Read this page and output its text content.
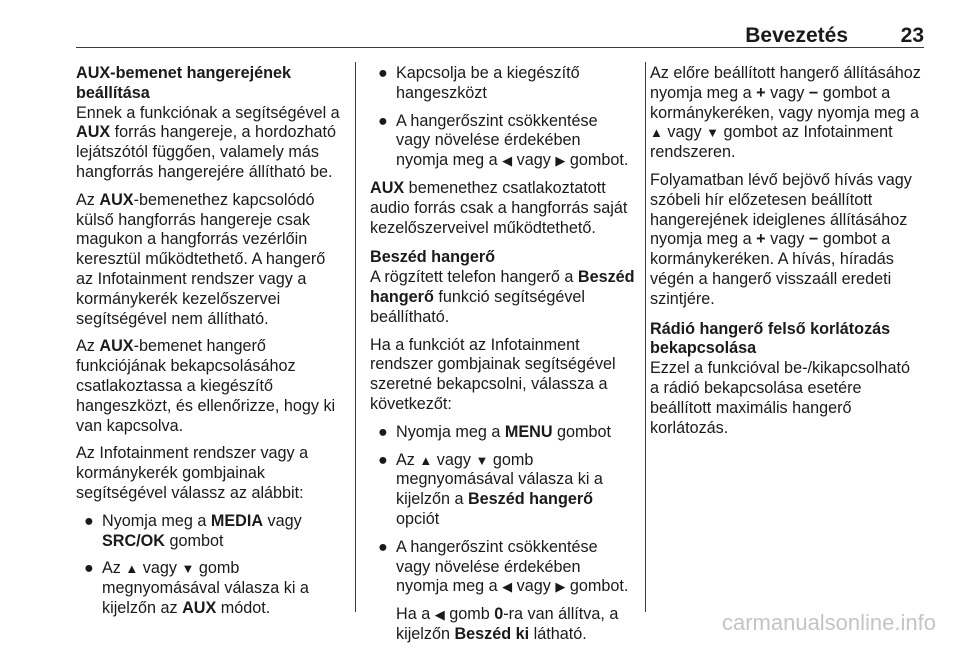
Bevezetés	23
AUX-bemenet hangerejének
beállítása
Ennek a funkciónak a segítségével a
AUX forrás hangereje, a hordozható
lejátszótól függően, valamely más
hangforrás hangerejére állítható be.
Az AUX-bemenethez kapcsolódó
külső hangforrás hangereje csak
magukon a hangforrás vezérlőin
keresztül működtethető. A hangerő
az Infotainment rendszer vagy a
kormánykerék kezelőszervei
segítségével nem állítható.
Az AUX-bemenet hangerő
funkciójának bekapcsolásához
csatlakoztassa a kiegészítő
hangeszközt, és ellenőrizze, hogy ki
van kapcsolva.
Az Infotainment rendszer vagy a
kormánykerék gombjainak
segítségével válassz az alábbit:
● Nyomja meg a MEDIA vagy
SRC/OK gombot
● Az ▲ vagy ▼ gomb
megnyomásával válasza ki a
kijelzőn az AUX módot.
● Kapcsolja be a kiegészítő
hangeszközt
● A hangerőszint csökkentése
vagy növelése érdekében
nyomja meg a ◀ vagy ▶ gombot.
AUX bemenethez csatlakoztatott
audio forrás csak a hangforrás saját
kezelőszerveivel működtethető.
Beszéd hangerő
A rögzített telefon hangerő a Beszéd
hangerő funkció segítségével
beállítható.
Ha a funkciót az Infotainment
rendszer gombjainak segítségével
szeretné bekapcsolni, válassza a
következőt:
● Nyomja meg a MENU gombot
● Az ▲ vagy ▼ gomb
megnyomásával válasza ki a
kijelzőn a Beszéd hangerő opciót
● A hangerőszint csökkentése
vagy növelése érdekében
nyomja meg a ◀ vagy ▶ gombot.
Ha a ◀ gomb 0-ra van állítva, a
kijelzőn Beszéd ki látható.
Az előre beállított hangerő állításához
nyomja meg a + vagy − gombot a
kormánykeréken, vagy nyomja meg a
▲ vagy ▼ gombot az Infotainment
rendszeren.
Folyamatban lévő bejövő hívás vagy
szóbeli hír előzetesen beállított
hangerejének ideiglenes állításához
nyomja meg a + vagy − gombot a
kormánykeréken. A hívás, híradás
végén a hangerő visszaáll eredeti
szintjére.
Rádió hangerő felső korlátozás
bekapcsolása
Ezzel a funkcióval be-/kikapcsolható
a rádió bekapcsolása esetére
beállított maximális hangerő
korlátozás.
carmanualsonline.info
